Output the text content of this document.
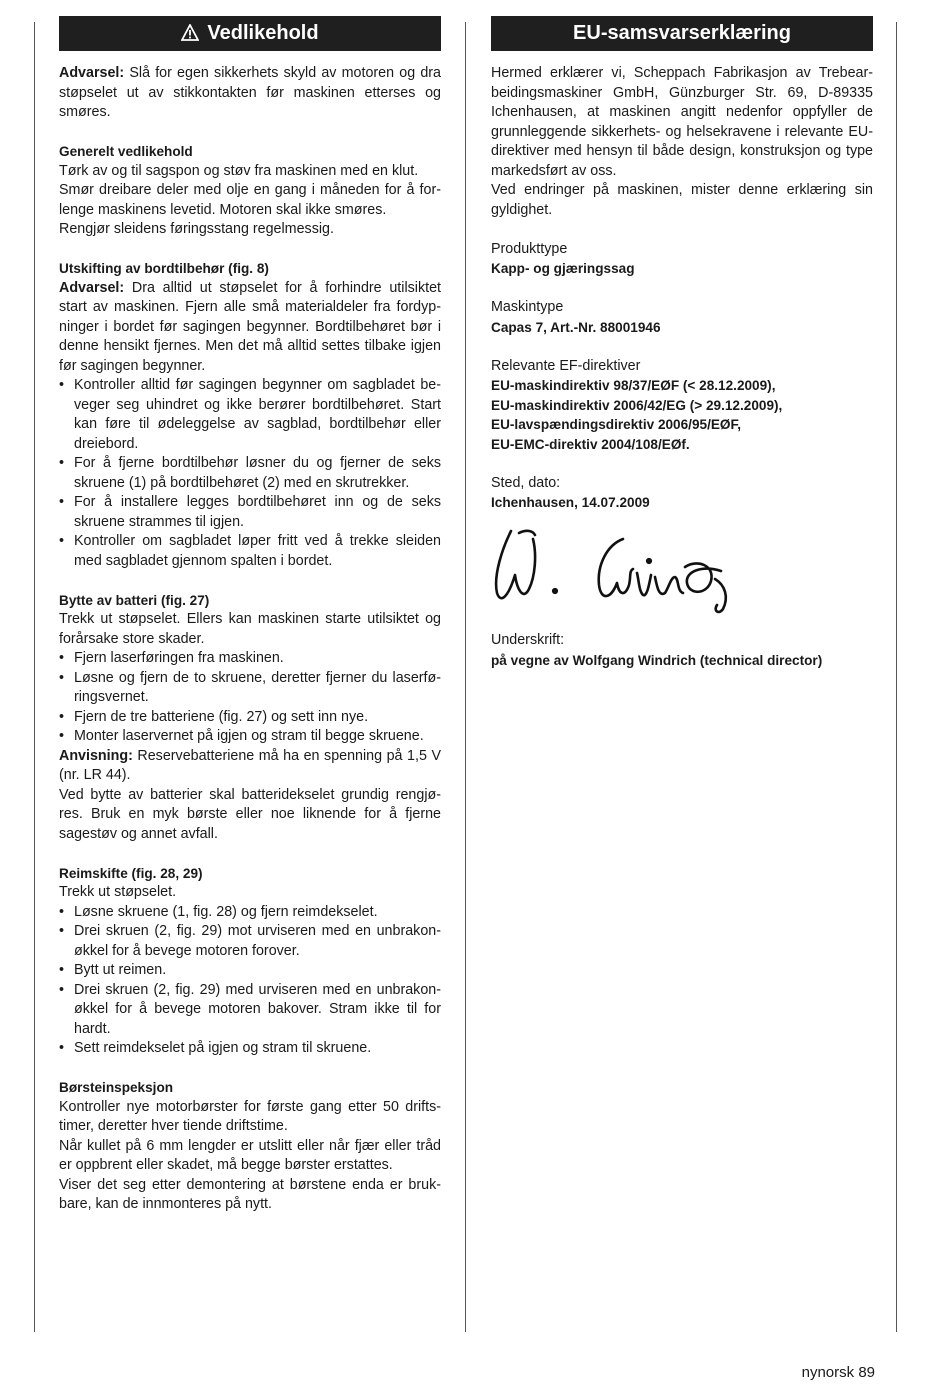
Vedlikehold

Advarsel: Slå for egen sikkerhets skyld av motoren og dra støpselet ut av stikkontakten før maskinen etterses og smøres.

Generelt vedlikehold

Tørk av og til sagspon og støv fra maskinen med en klut.

Smør dreibare deler med olje en gang i måneden for å for-lenge maskinens levetid. Motoren skal ikke smøres.

Rengjør sleidens føringsstang regelmessig.

Utskifting av bordtilbehør (fig. 8)

Advarsel: Dra alltid ut støpselet for å forhindre utilsiktet start av maskinen. Fjern alle små materialdeler fra fordyp-ninger i bordet før sagingen begynner. Bordtilbehøret bør i denne hensikt fjernes. Men det må alltid settes tilbake igjen før sagingen begynner.

• Kontroller alltid før sagingen begynner om sagbladet be-veger seg uhindret og ikke berører bordtilbehøret. Start kan føre til ødeleggelse av sagblad, bordtilbehør eller dreiebord.
• For å fjerne bordtilbehør løsner du og fjerner de seks skruene (1) på bordtilbehøret (2) med en skrutrekker.
• For å installere legges bordtilbehøret inn og de seks skruene strammes til igjen.
• Kontroller om sagbladet løper fritt ved å trekke sleiden med sagbladet gjennom spalten i bordet.

Bytte av batteri (fig. 27)

Trekk ut støpselet. Ellers kan maskinen starte utilsiktet og forårsake store skader.

• Fjern laserføringen fra maskinen.
• Løsne og fjern de to skruene, deretter fjerner du laserfø-ringsvernet.
• Fjern de tre batteriene (fig. 27) og sett inn nye.
• Monter laservernet på igjen og stram til begge skruene.

Anvisning: Reservebatteriene må ha en spenning på 1,5 V (nr. LR 44).

Ved bytte av batterier skal batteridekselet grundig rengjø-res. Bruk en myk børste eller noe liknende for å fjerne sagestøv og annet avfall.

Reimskifte (fig. 28, 29)

Trekk ut støpselet.

• Løsne skruene (1, fig. 28) og fjern reimdekselet.
• Drei skruen (2, fig. 29) mot urviseren med en unbrakon-økkel for å bevege motoren forover.
• Bytt ut reimen.
• Drei skruen (2, fig. 29) med urviseren med en unbrakon-økkel for å bevege motoren bakover. Stram ikke til for hardt.
• Sett reimdekselet på igjen og stram til skruene.

Børsteinspeksjon

Kontroller nye motorbørster for første gang etter 50 drifts-timer, deretter hver tiende driftstime.

Når kullet på 6 mm lengder er utslitt eller når fjær eller tråd er oppbrent eller skadet, må begge børster erstattes.

Viser det seg etter demontering at børstene enda er bruk-bare, kan de innmonteres på nytt.

EU-samsvarserklæring

Hermed erklærer vi, Scheppach Fabrikasjon av Trebear-beidingsmaskiner GmbH, Günzburger Str. 69, D-89335 Ichenhausen, at maskinen angitt nedenfor oppfyller de grunnleggende sikkerhets- og helsekravene i relevante EU-direktiver med hensyn til både design, konstruksjon og type markedsført av oss.

Ved endringer på maskinen, mister denne erklæring sin gyldighet.

Produkttype

Kapp- og gjæringssag

Maskintype

Capas 7, Art.-Nr. 88001946

Relevante EF-direktiver

EU-maskindirektiv 98/37/EØF (< 28.12.2009),

EU-maskindirektiv 2006/42/EG (> 29.12.2009),

EU-lavspændingsdirektiv 2006/95/EØF,

EU-EMC-direktiv 2004/108/EØf.

Sted, dato:

Ichenhausen, 14.07.2009

Underskrift:

på vegne av Wolfgang Windrich (technical director)

nynorsk 89
